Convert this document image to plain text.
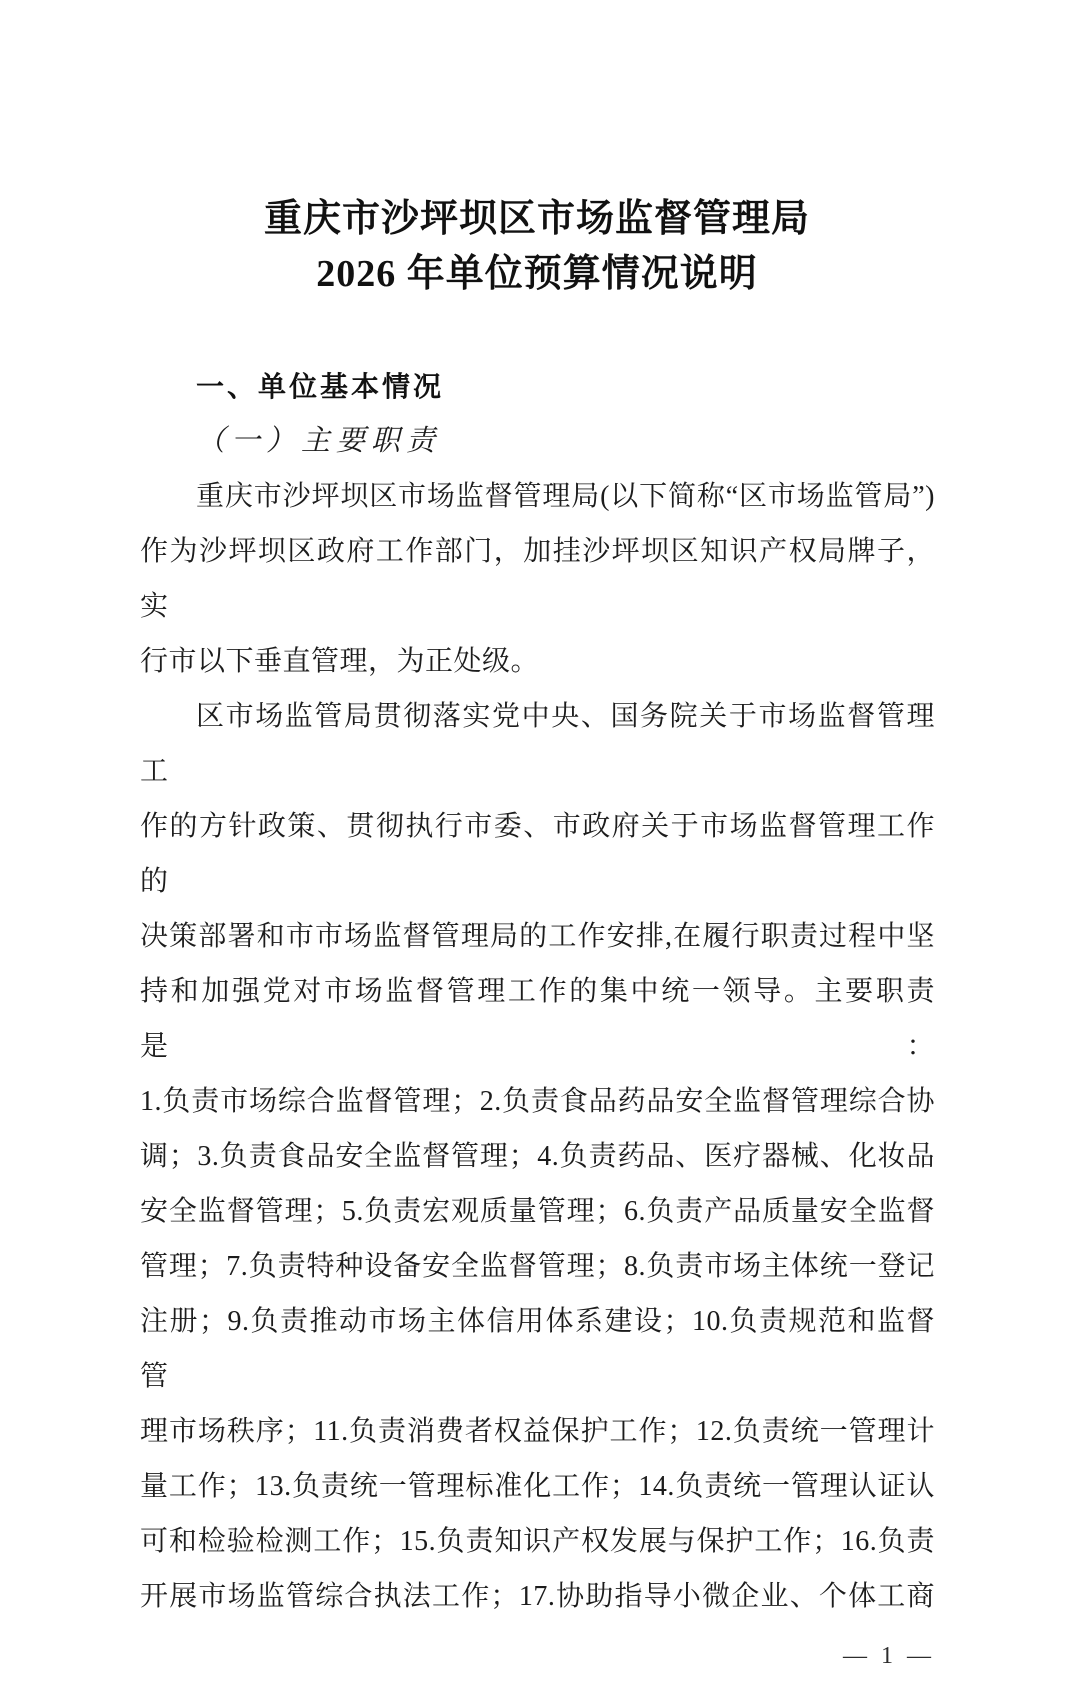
重庆市沙坪坝区市场监督管理局
2026 年单位预算情况说明
一、单位基本情况
（一）主要职责
重庆市沙坪坝区市场监督管理局(以下简称“区市场监管局”)
作为沙坪坝区政府工作部门，加挂沙坪坝区知识产权局牌子，实
行市以下垂直管理，为正处级。
区市场监管局贯彻落实党中央、国务院关于市场监督管理工
作的方针政策、贯彻执行市委、市政府关于市场监督管理工作的
决策部署和市市场监督管理局的工作安排,在履行职责过程中坚
持和加强党对市场监督管理工作的集中统一领导。主要职责是：
1.负责市场综合监督管理；2.负责食品药品安全监督管理综合协
调；3.负责食品安全监督管理；4.负责药品、医疗器械、化妆品
安全监督管理；5.负责宏观质量管理；6.负责产品质量安全监督
管理；7.负责特种设备安全监督管理；8.负责市场主体统一登记
注册；9.负责推动市场主体信用体系建设；10.负责规范和监督管
理市场秩序；11.负责消费者权益保护工作；12.负责统一管理计
量工作；13.负责统一管理标准化工作；14.负责统一管理认证认
可和检验检测工作；15.负责知识产权发展与保护工作；16.负责
开展市场监管综合执法工作；17.协助指导小微企业、个体工商
— 1 —
